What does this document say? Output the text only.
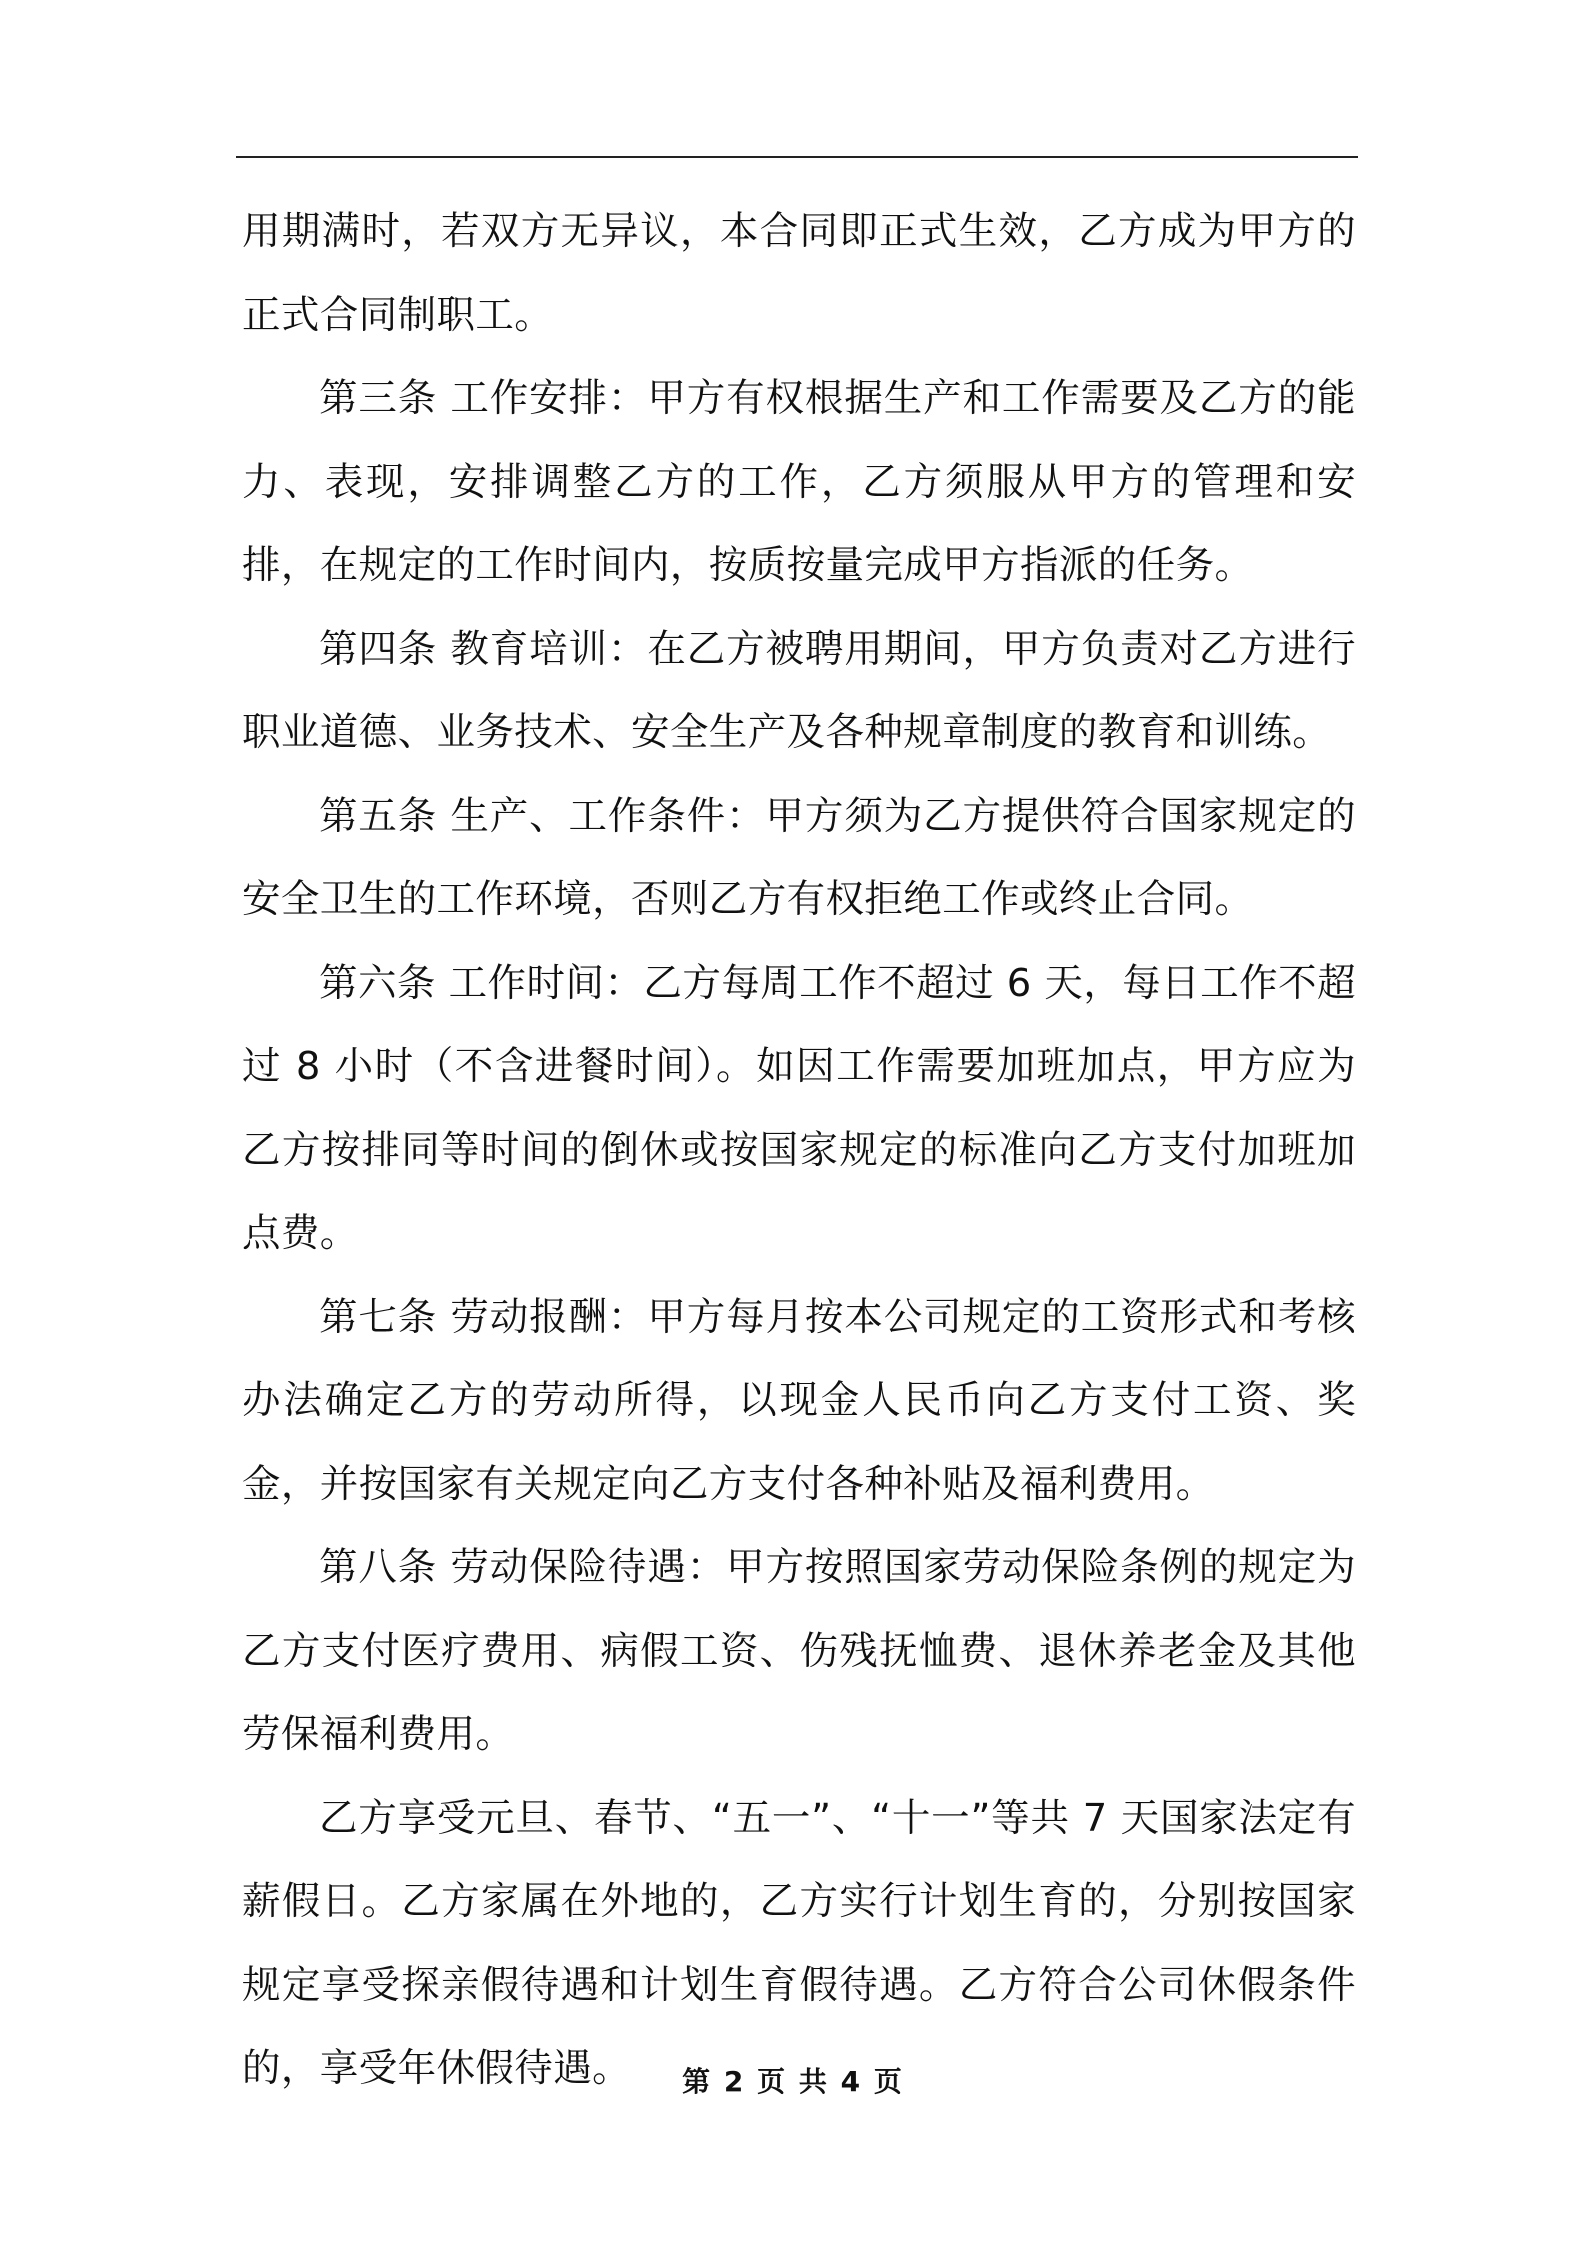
用期满时，若双方无异议，本合同即正式生效，乙方成为甲方的正式合同制职工。

第三条 工作安排：甲方有权根据生产和工作需要及乙方的能力、表现，安排调整乙方的工作，乙方须服从甲方的管理和安排，在规定的工作时间内，按质按量完成甲方指派的任务。

第四条 教育培训：在乙方被聘用期间，甲方负责对乙方进行职业道德、业务技术、安全生产及各种规章制度的教育和训练。

第五条 生产、工作条件：甲方须为乙方提供符合国家规定的安全卫生的工作环境，否则乙方有权拒绝工作或终止合同。

第六条 工作时间：乙方每周工作不超过 6 天，每日工作不超过 8 小时（不含进餐时间）。如因工作需要加班加点，甲方应为乙方按排同等时间的倒休或按国家规定的标准向乙方支付加班加点费。

第七条 劳动报酬：甲方每月按本公司规定的工资形式和考核办法确定乙方的劳动所得，以现金人民币向乙方支付工资、奖金，并按国家有关规定向乙方支付各种补贴及福利费用。

第八条 劳动保险待遇：甲方按照国家劳动保险条例的规定为乙方支付医疗费用、病假工资、伤残抚恤费、退休养老金及其他劳保福利费用。

乙方享受元旦、春节、“五一”、“十一”等共 7 天国家法定有薪假日。乙方家属在外地的，乙方实行计划生育的，分别按国家规定享受探亲假待遇和计划生育假待遇。乙方符合公司休假条件的，享受年休假待遇。	第 2 页 共 4 页
